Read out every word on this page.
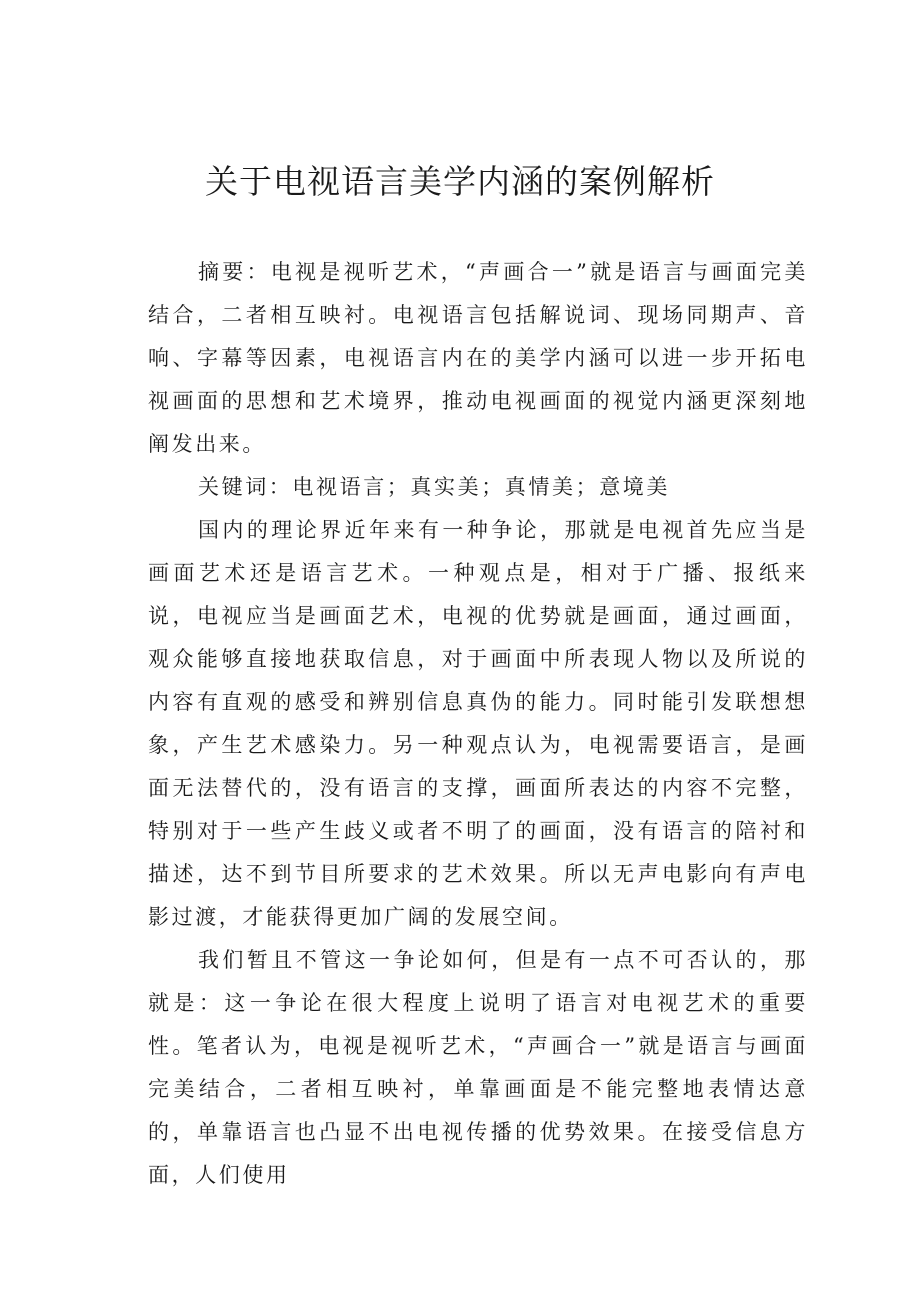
关于电视语言美学内涵的案例解析

摘要：电视是视听艺术，“声画合一”就是语言与画面完美结合，二者相互映衬。电视语言包括解说词、现场同期声、音响、字幕等因素，电视语言内在的美学内涵可以进一步开拓电视画面的思想和艺术境界，推动电视画面的视觉内涵更深刻地阐发出来。

关键词：电视语言；真实美；真情美；意境美

国内的理论界近年来有一种争论，那就是电视首先应当是画面艺术还是语言艺术。一种观点是，相对于广播、报纸来说，电视应当是画面艺术，电视的优势就是画面，通过画面，观众能够直接地获取信息，对于画面中所表现人物以及所说的内容有直观的感受和辨别信息真伪的能力。同时能引发联想想象，产生艺术感染力。另一种观点认为，电视需要语言，是画面无法替代的，没有语言的支撑，画面所表达的内容不完整，特别对于一些产生歧义或者不明了的画面，没有语言的陪衬和描述，达不到节目所要求的艺术效果。所以无声电影向有声电影过渡，才能获得更加广阔的发展空间。

我们暂且不管这一争论如何，但是有一点不可否认的，那就是：这一争论在很大程度上说明了语言对电视艺术的重要性。笔者认为，电视是视听艺术，“声画合一”就是语言与画面完美结合，二者相互映衬，单靠画面是不能完整地表情达意的，单靠语言也凸显不出电视传播的优势效果。在接受信息方面，人们使用
